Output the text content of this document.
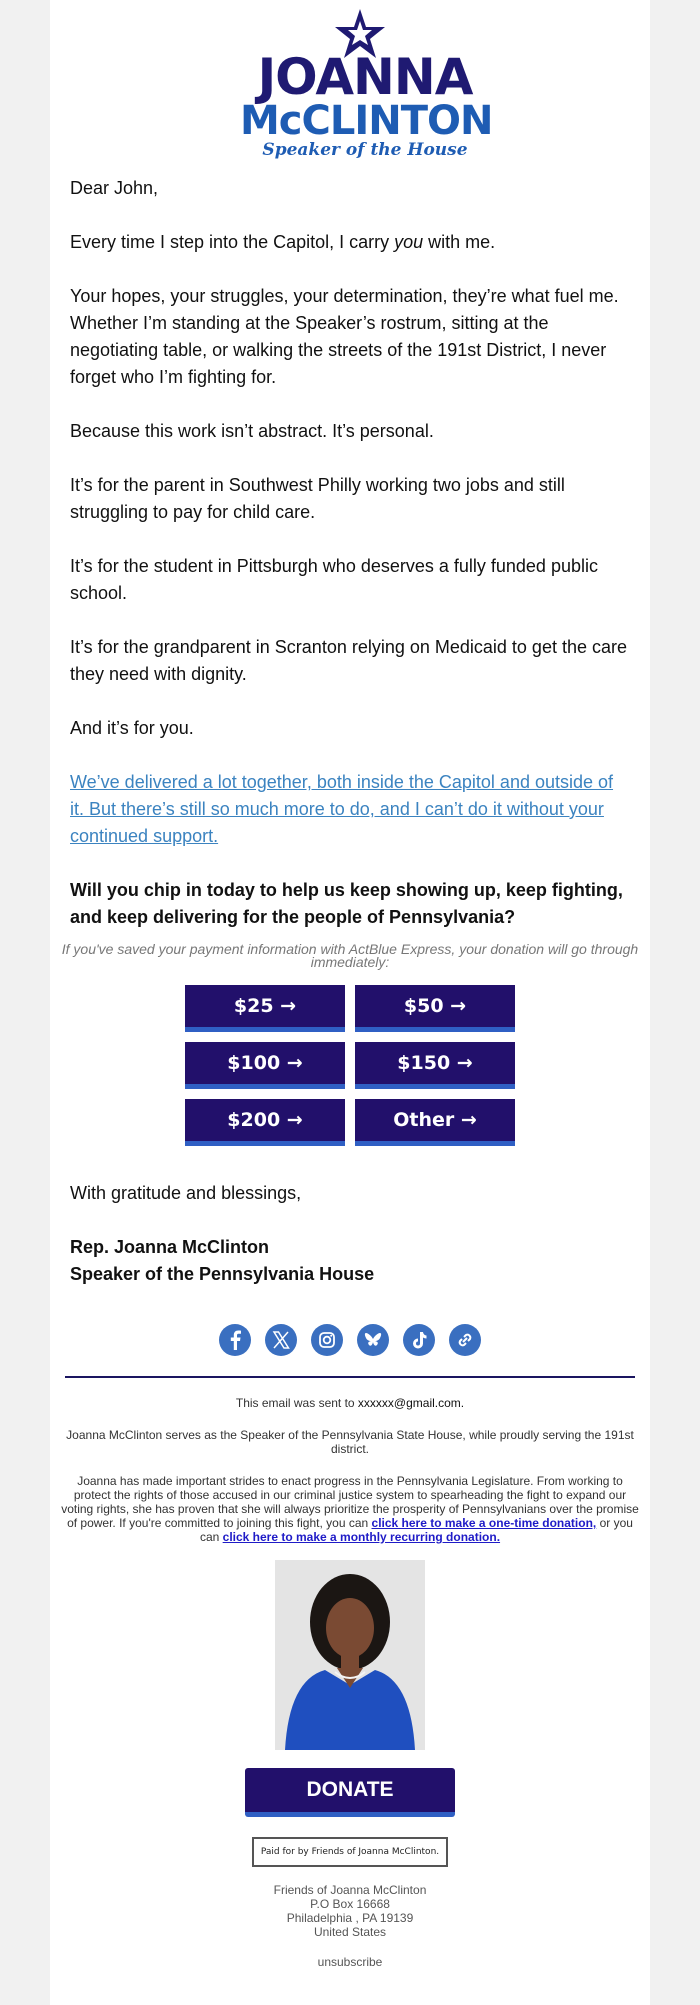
JOANNA
McCLINTON
Speaker of the House

Dear John,

Every time I step into the Capitol, I carry you with me.

Your hopes, your struggles, your determination, they’re what fuel me. Whether I’m standing at the Speaker’s rostrum, sitting at the negotiating table, or walking the streets of the 191st District, I never forget who I’m fighting for.

Because this work isn’t abstract. It’s personal.

It’s for the parent in Southwest Philly working two jobs and still struggling to pay for child care.

It’s for the student in Pittsburgh who deserves a fully funded public school.

It’s for the grandparent in Scranton relying on Medicaid to get the care they need with dignity.

And it’s for you.

We’ve delivered a lot together, both inside the Capitol and outside of it. But there’s still so much more to do, and I can’t do it without your continued support.

Will you chip in today to help us keep showing up, keep fighting, and keep delivering for the people of Pennsylvania?

If you've saved your payment information with ActBlue Express, your donation will go through immediately:
$25 →	$50 →
$100 →	$150 →
$200 →	Other →

With gratitude and blessings,

Rep. Joanna McClinton
Speaker of the Pennsylvania House

This email was sent to xxxxxx@gmail.com.

Joanna McClinton serves as the Speaker of the Pennsylvania State House, while proudly serving the 191st district.

Joanna has made important strides to enact progress in the Pennsylvania Legislature. From working to protect the rights of those accused in our criminal justice system to spearheading the fight to expand our voting rights, she has proven that she will always prioritize the prosperity of Pennsylvanians over the promise of power. If you're committed to joining this fight, you can click here to make a one-time donation, or you can click here to make a monthly recurring donation.

DONATE
Paid for by Friends of Joanna McClinton.
Friends of Joanna McClinton
P.O Box 16668
Philadelphia , PA 19139
United States
unsubscribe
